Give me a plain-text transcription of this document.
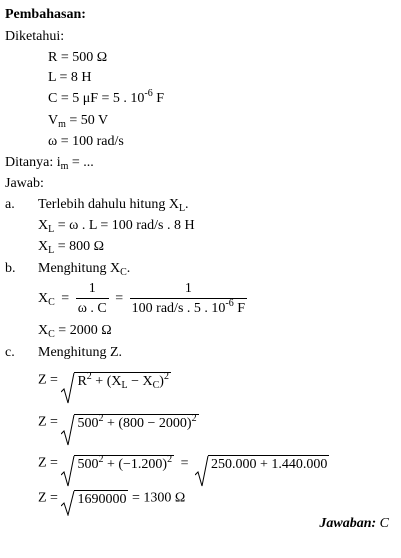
Pembahasan:
Diketahui:
R = 500 Ω
L = 8 H
C = 5 μF = 5 . $10^{-6}$ F
$V_m = 50$ V
ω = 100 rad/s
Ditanya: $i_m$ = ...
Jawab:
a. Terlebih dahulu hitung $X_L$.
$X_L = \omega$ . L = 100 rad/s . 8 H
$X_L = 800$ Ω
b. Menghitung $X_C$.
$X_C = \frac{1}{\omega . C} = \frac{1}{100 rad/s . 5 . 10^{-6} F}$
$X_C = 2000$ Ω
c. Menghitung Z.
$Z = R^2 + (X_L - X_C)^2$
$Z = 500^2 + (800 - 2000)^2$
$Z = 500^2 + (-1.200)^2 = 250.000 + 1.440.000$
Z = 1690000 = 1300 Ω
Jawaban: C
